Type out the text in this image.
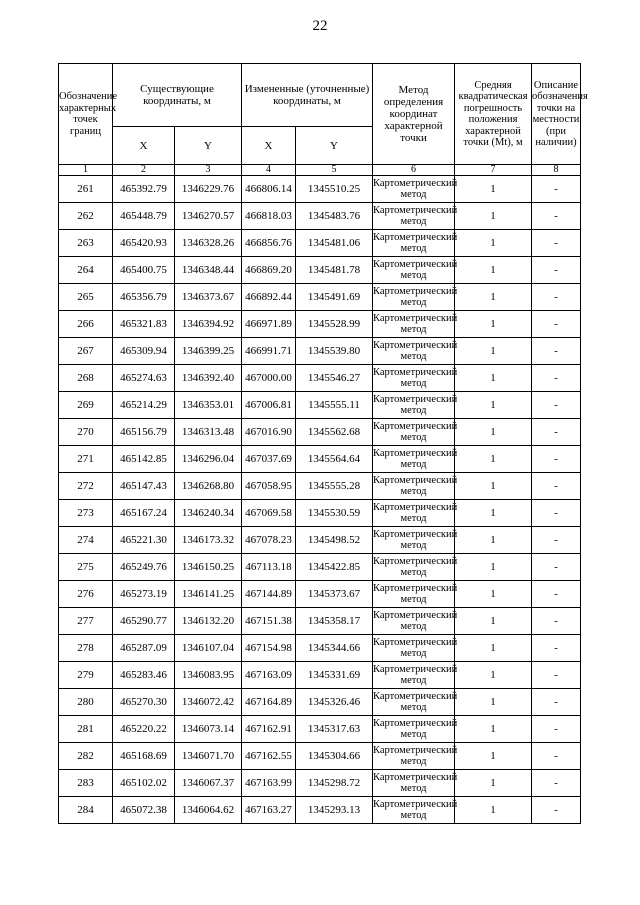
22
Обозначение характерных точек границ	Существующие координаты, м		Измененные (уточненные) координаты, м		Метод определения координат характерной точки	Средняя квадратическая погрешность положения характерной точки (Mt), м	Описание обозначения точки на местности (при наличии)
	X	Y	X	Y			
1	2	3	4	5	6	7	8
261	465392.79	1346229.76	466806.14	1345510.25	Картометрический метод	1	-
262	465448.79	1346270.57	466818.03	1345483.76	Картометрический метод	1	-
263	465420.93	1346328.26	466856.76	1345481.06	Картометрический метод	1	-
264	465400.75	1346348.44	466869.20	1345481.78	Картометрический метод	1	-
265	465356.79	1346373.67	466892.44	1345491.69	Картометрический метод	1	-
266	465321.83	1346394.92	466971.89	1345528.99	Картометрический метод	1	-
267	465309.94	1346399.25	466991.71	1345539.80	Картометрический метод	1	-
268	465274.63	1346392.40	467000.00	1345546.27	Картометрический метод	1	-
269	465214.29	1346353.01	467006.81	1345555.11	Картометрический метод	1	-
270	465156.79	1346313.48	467016.90	1345562.68	Картометрический метод	1	-
271	465142.85	1346296.04	467037.69	1345564.64	Картометрический метод	1	-
272	465147.43	1346268.80	467058.95	1345555.28	Картометрический метод	1	-
273	465167.24	1346240.34	467069.58	1345530.59	Картометрический метод	1	-
274	465221.30	1346173.32	467078.23	1345498.52	Картометрический метод	1	-
275	465249.76	1346150.25	467113.18	1345422.85	Картометрический метод	1	-
276	465273.19	1346141.25	467144.89	1345373.67	Картометрический метод	1	-
277	465290.77	1346132.20	467151.38	1345358.17	Картометрический метод	1	-
278	465287.09	1346107.04	467154.98	1345344.66	Картометрический метод	1	-
279	465283.46	1346083.95	467163.09	1345331.69	Картометрический метод	1	-
280	465270.30	1346072.42	467164.89	1345326.46	Картометрический метод	1	-
281	465220.22	1346073.14	467162.91	1345317.63	Картометрический метод	1	-
282	465168.69	1346071.70	467162.55	1345304.66	Картометрический метод	1	-
283	465102.02	1346067.37	467163.99	1345298.72	Картометрический метод	1	-
284	465072.38	1346064.62	467163.27	1345293.13	Картометрический метод	1	-
